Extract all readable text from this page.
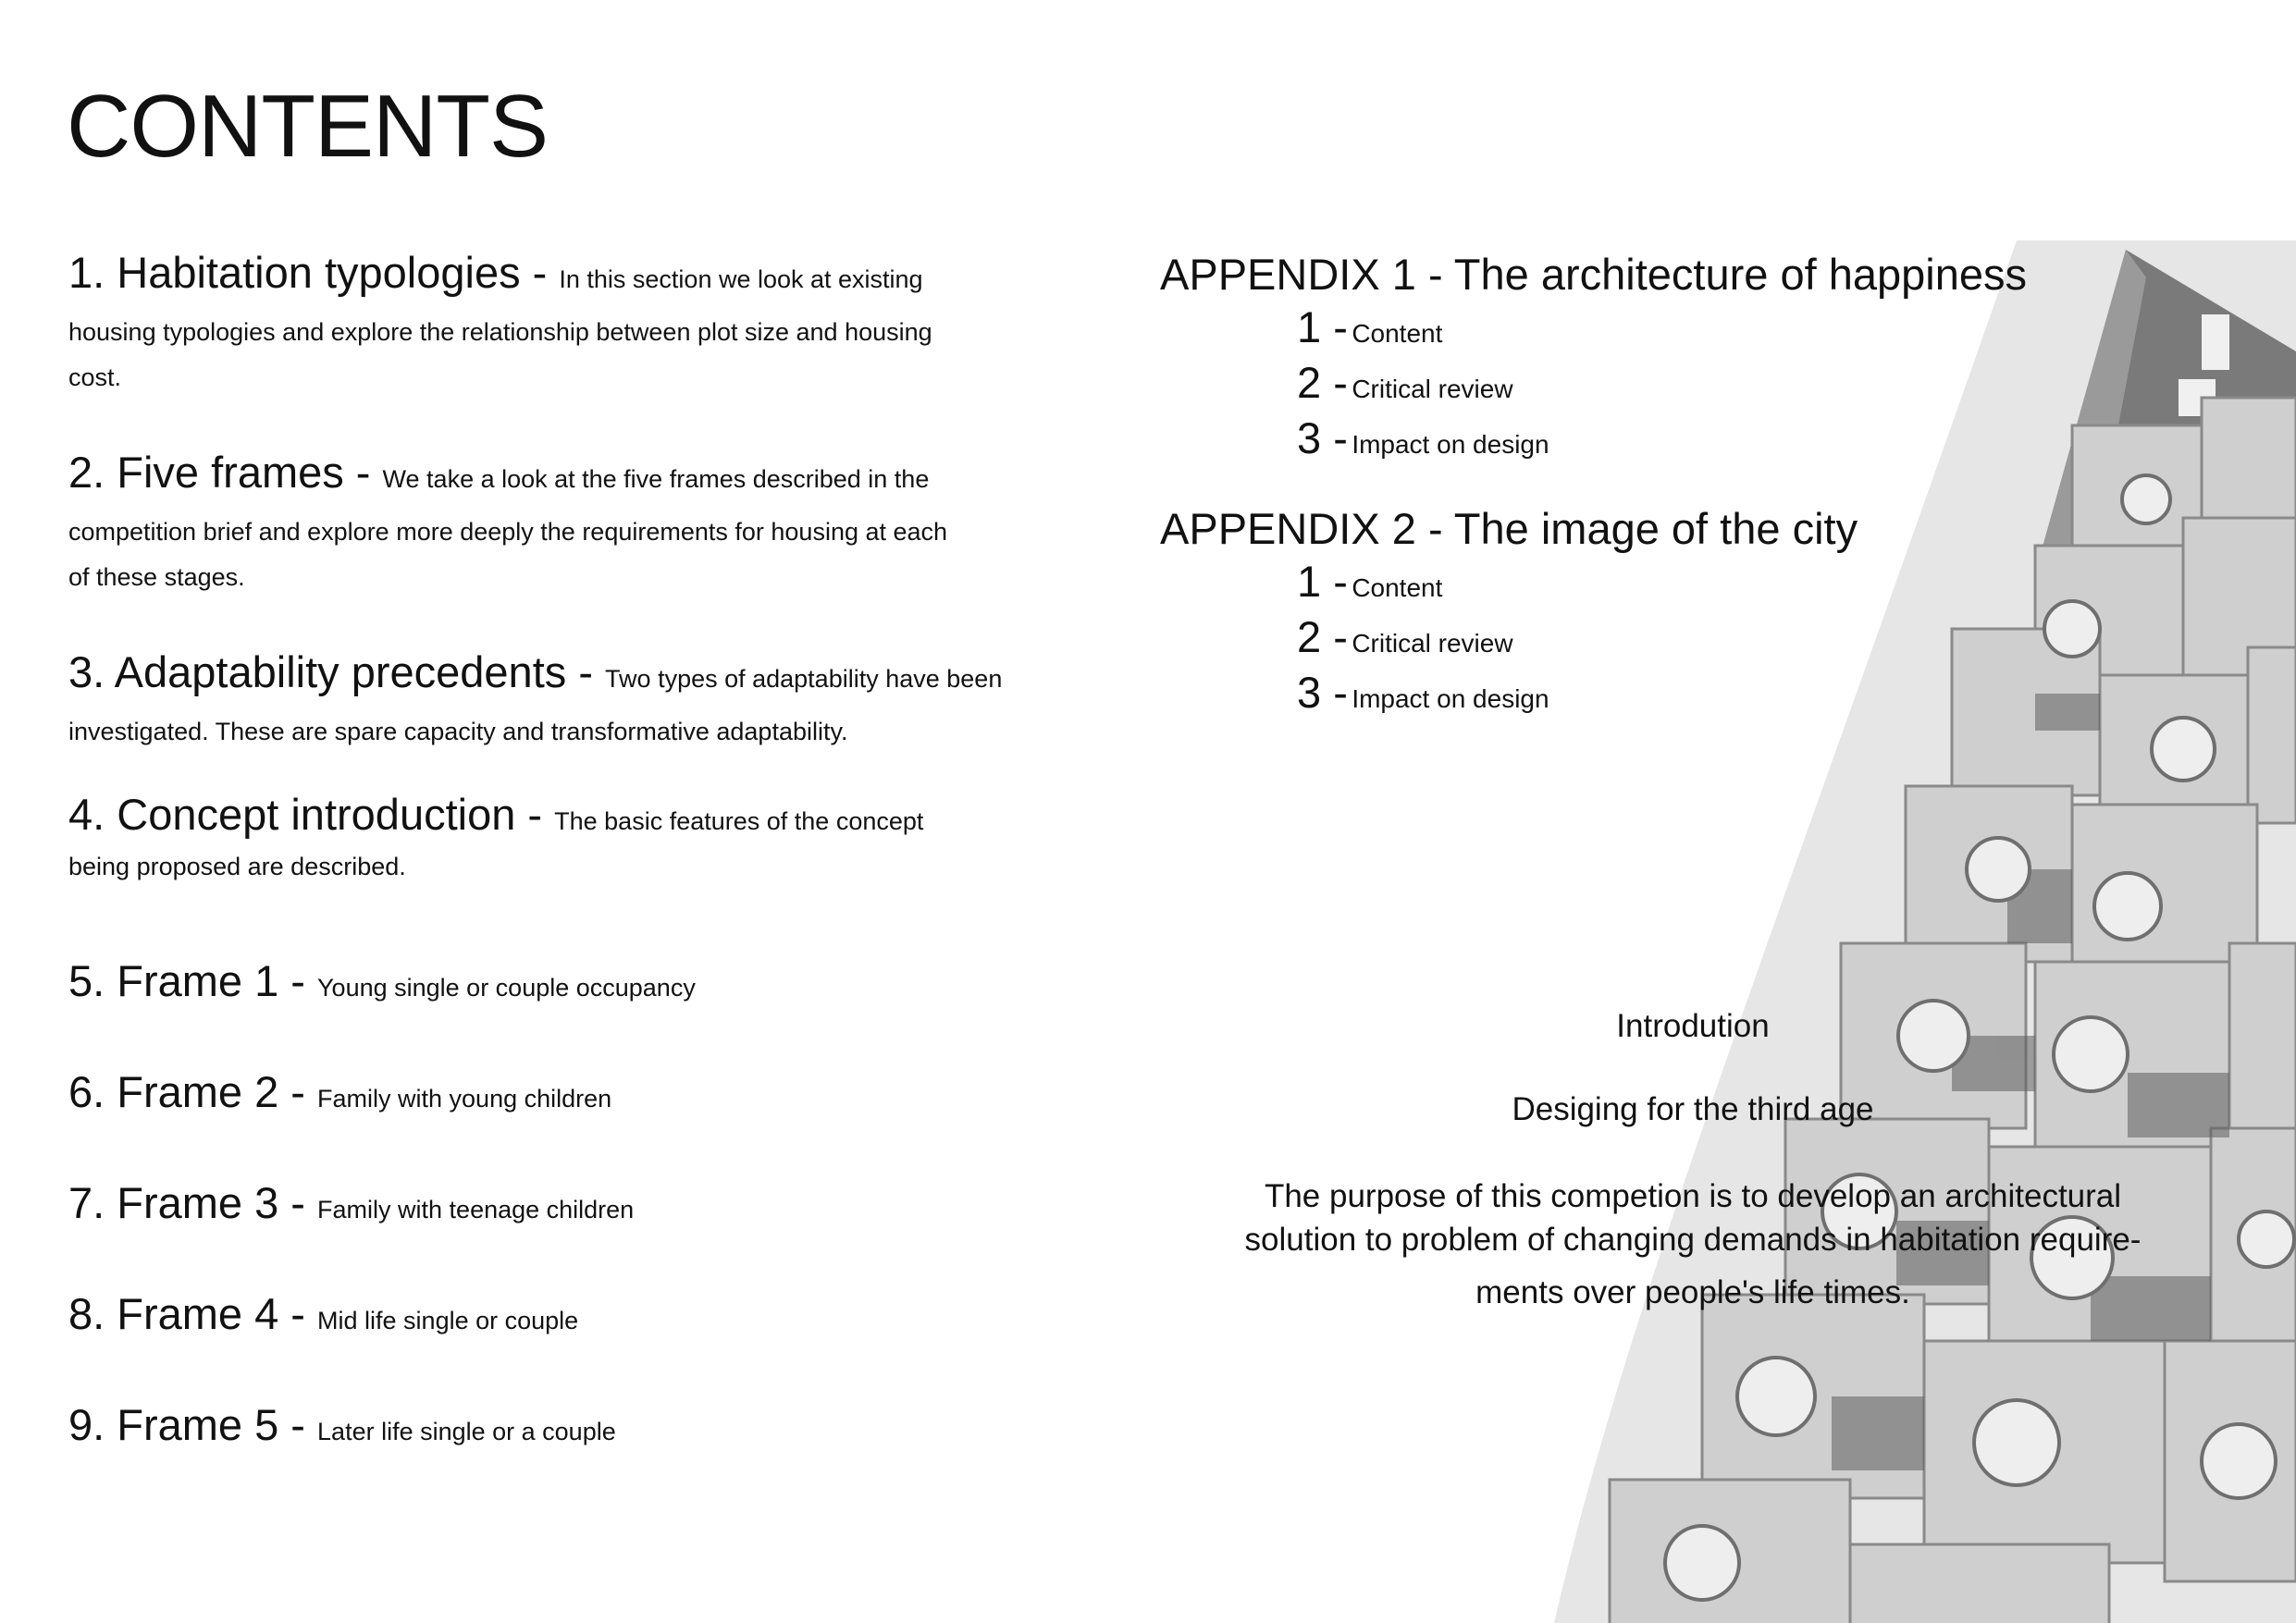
CONTENTS
1. Habitation typologies - In this section we look at existing housing typologies and explore the relationship between plot size and housing
cost.
2. Five frames - We take a look at the five frames described in the competition brief and explore more deeply the requirements for housing at each
of these stages.
3. Adaptability precedents - Two types of adaptability have been investigated. These are spare capacity and transformative adaptability.
4. Concept introduction - The basic features of the concept
being proposed are described.
5. Frame 1 - Young single or couple occupancy
6. Frame 2 - Family with young children
7. Frame 3 - Family with teenage children
8. Frame 4 - Mid life single or couple
9. Frame 5 - Later life single or a couple
APPENDIX 1 - The architecture of happiness
1 - Content
2 - Critical review
3 - Impact on design
APPENDIX 2 - The image of the city
1 - Content
2 - Critical review
3 - Impact on design
Introdution
Desiging for the third age
The purpose of this competion is to develop an architectural
solution to problem of changing demands in habitation require-
ments over people's life times.
